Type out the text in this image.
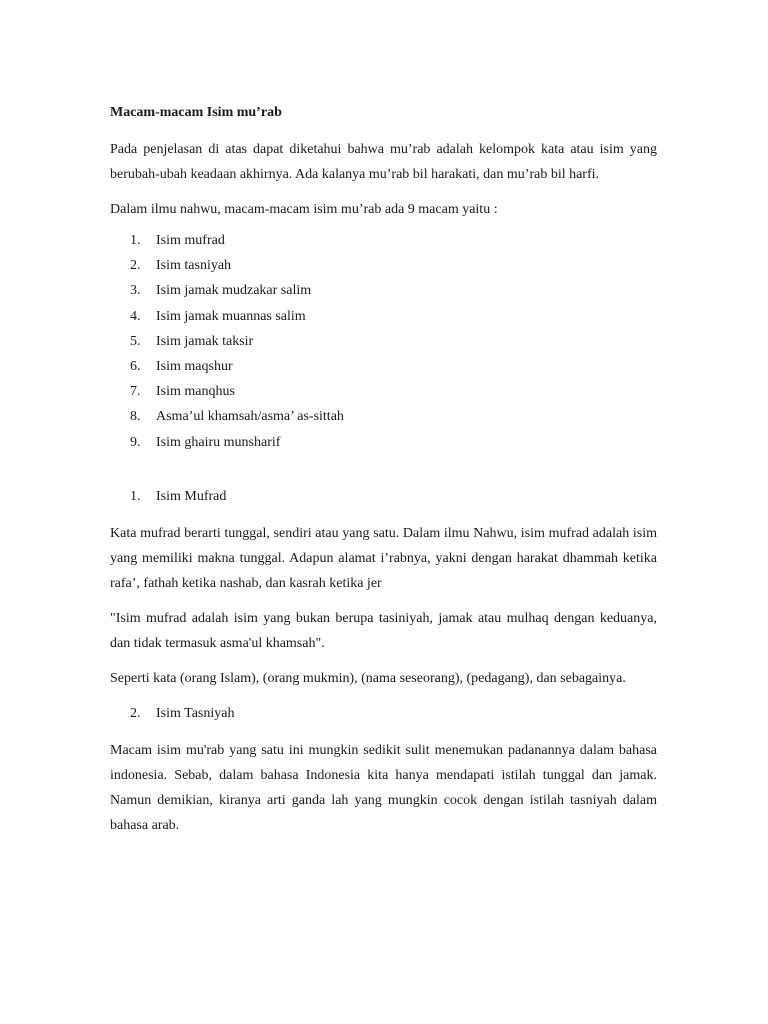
Macam-macam Isim mu’rab

Pada penjelasan di atas dapat diketahui bahwa mu’rab adalah kelompok kata atau isim yang berubah-ubah keadaan akhirnya. Ada kalanya mu’rab bil harakati, dan mu’rab bil harfi.

Dalam ilmu nahwu, macam-macam isim mu’rab ada 9 macam yaitu :

1. Isim mufrad
2. Isim tasniyah
3. Isim jamak mudzakar salim
4. Isim jamak muannas salim
5. Isim jamak taksir
6. Isim maqshur
7. Isim manqhus
8. Asma’ul khamsah/asma’ as-sittah
9. Isim ghairu munsharif
1. Isim Mufrad

Kata mufrad berarti tunggal, sendiri atau yang satu. Dalam ilmu Nahwu, isim mufrad adalah isim yang memiliki makna tunggal. Adapun alamat i’rabnya, yakni dengan harakat dhammah ketika rafa’, fathah ketika nashab, dan kasrah ketika jer

"Isim mufrad adalah isim yang bukan berupa tasiniyah, jamak atau mulhaq dengan keduanya, dan tidak termasuk asma'ul khamsah".

Seperti kata (orang Islam), (orang mukmin), (nama seseorang), (pedagang), dan sebagainya.

2. Isim Tasniyah

Macam isim mu'rab yang satu ini mungkin sedikit sulit menemukan padanannya dalam bahasa indonesia. Sebab, dalam bahasa Indonesia kita hanya mendapati istilah tunggal dan jamak. Namun demikian, kiranya arti ganda lah yang mungkin cocok dengan istilah tasniyah dalam bahasa arab.
